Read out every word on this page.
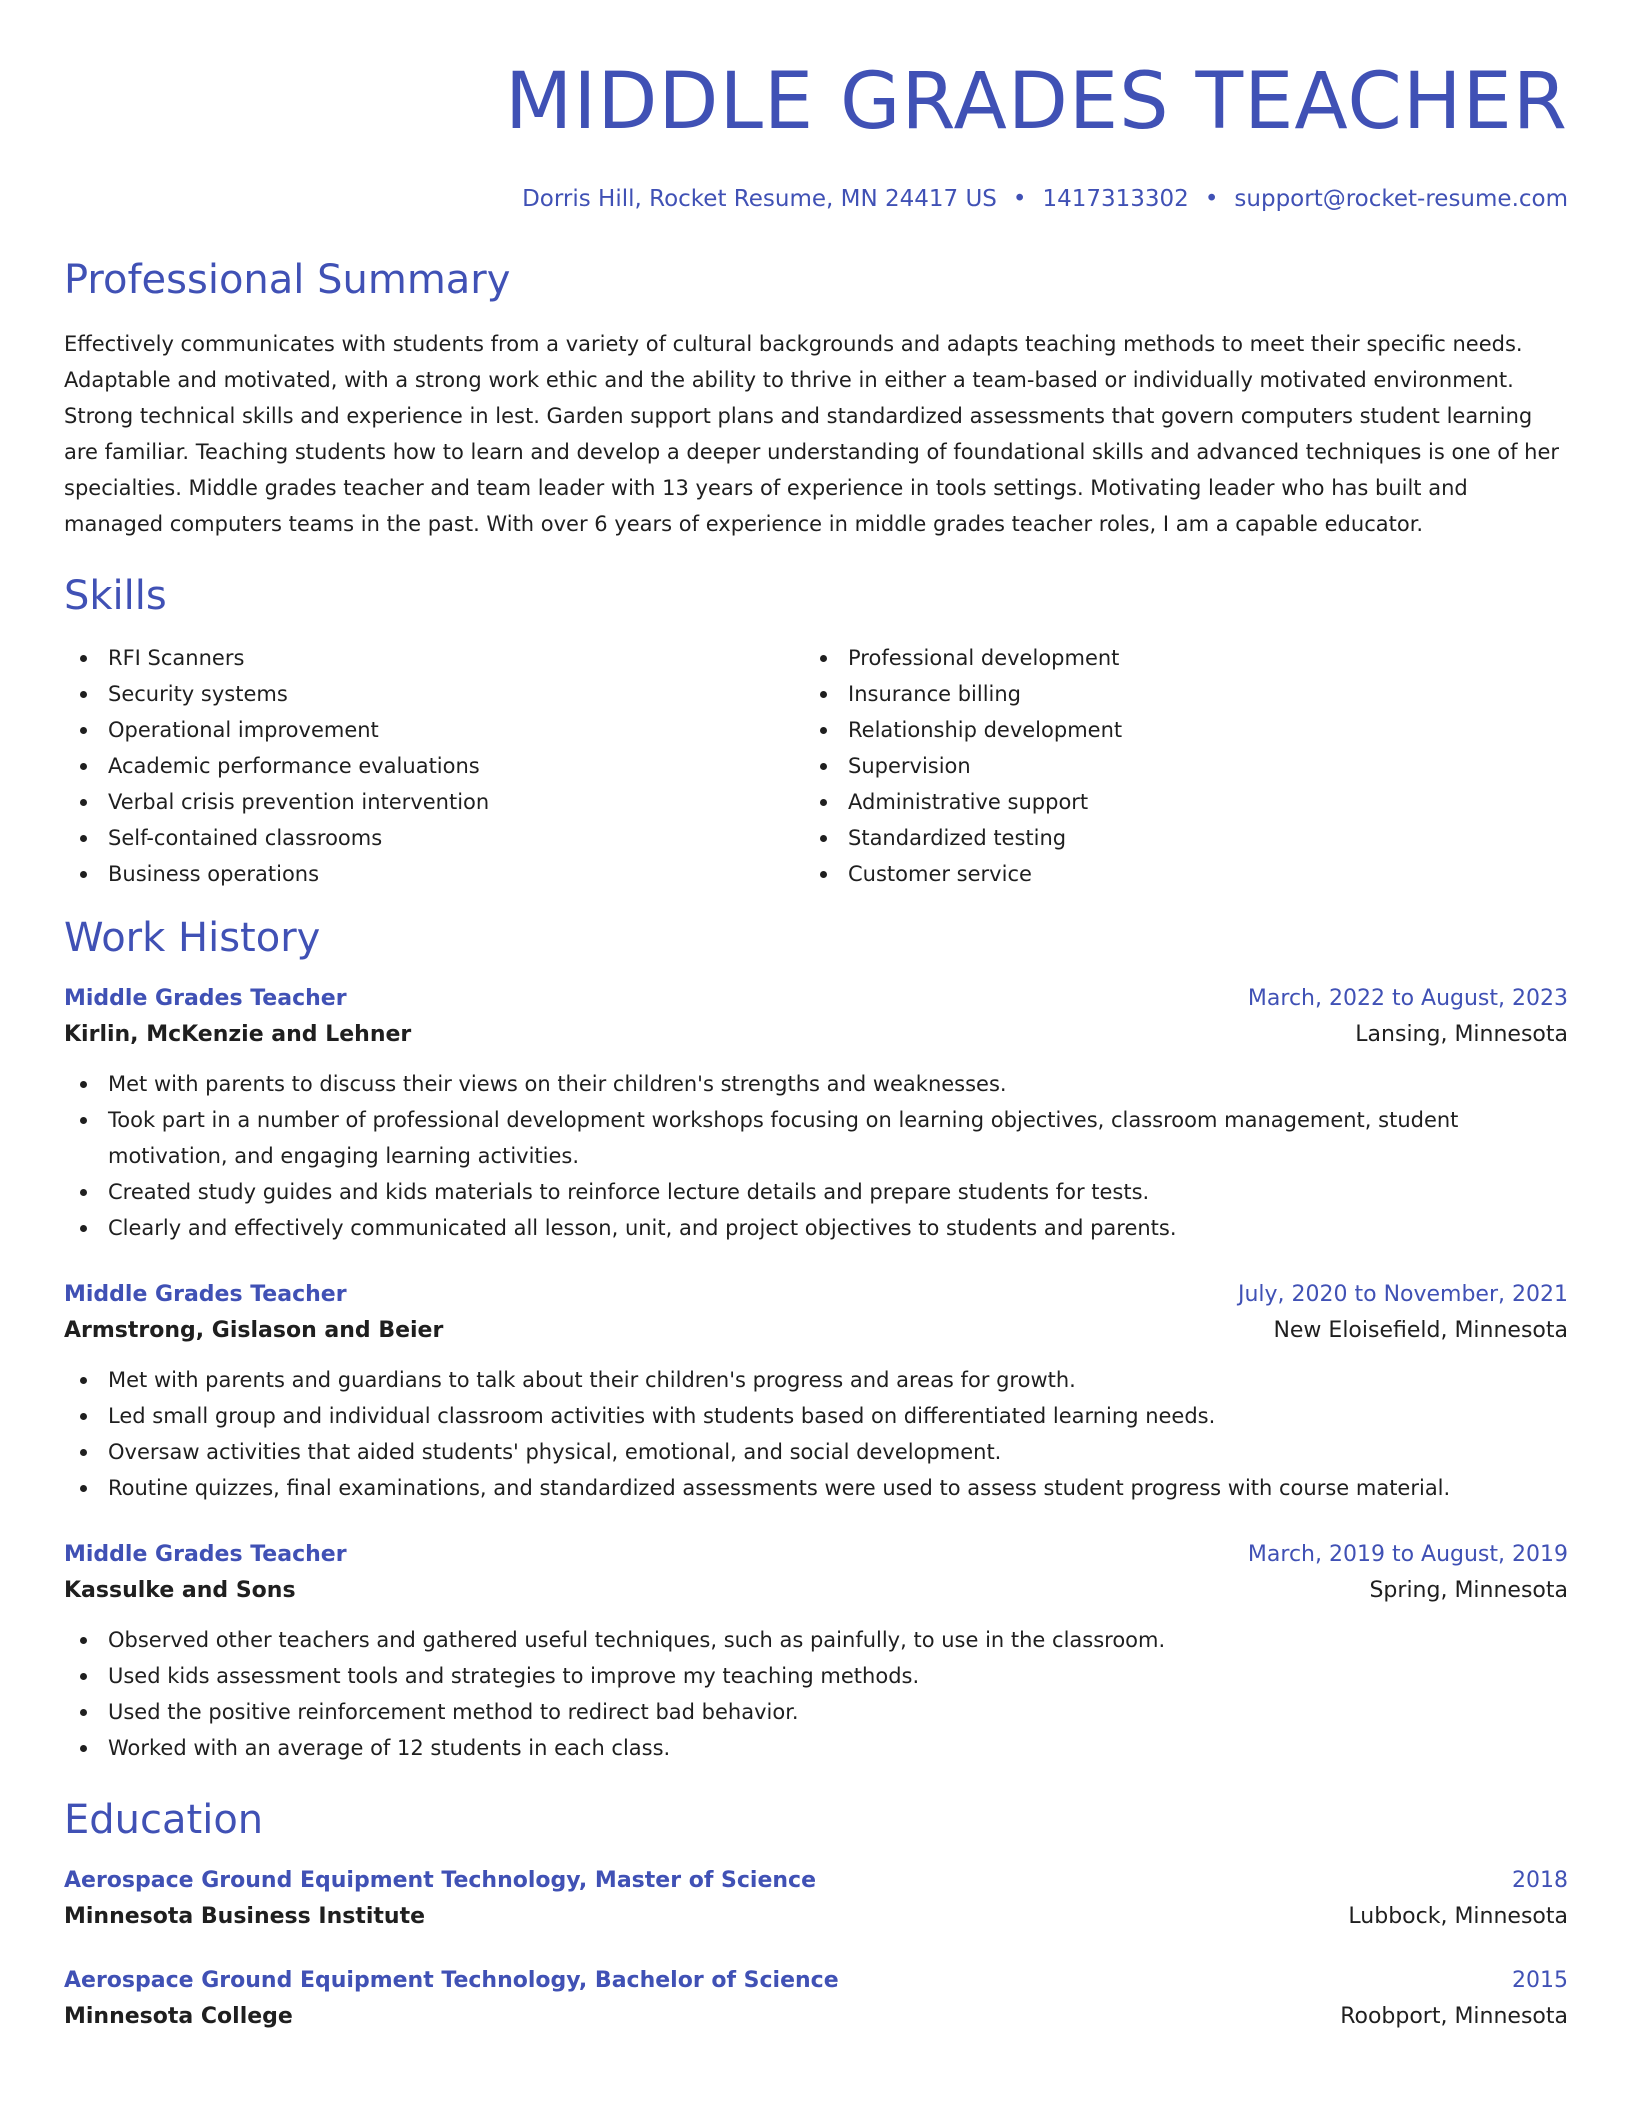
MIDDLE GRADES TEACHER
Dorris Hill, Rocket Resume, MN 24417 US • 1417313302 • support@rocket-resume.com
Professional Summary

Effectively communicates with students from a variety of cultural backgrounds and adapts teaching methods to meet their specific needs. Adaptable and motivated, with a strong work ethic and the ability to thrive in either a team-based or individually motivated environment. Strong technical skills and experience in lest. Garden support plans and standardized assessments that govern computers student learning are familiar. Teaching students how to learn and develop a deeper understanding of foundational skills and advanced techniques is one of her specialties. Middle grades teacher and team leader with 13 years of experience in tools settings. Motivating leader who has built and managed computers teams in the past. With over 6 years of experience in middle grades teacher roles, I am a capable educator.

Skills
RFI Scanners
Security systems
Operational improvement
Academic performance evaluations
Verbal crisis prevention intervention
Self-contained classrooms
Business operations
Professional development
Insurance billing
Relationship development
Supervision
Administrative support
Standardized testing
Customer service
Work History
Middle Grades Teacher	March, 2022 to August, 2023
Kirlin, McKenzie and Lehner	Lansing, Minnesota
Met with parents to discuss their views on their children's strengths and weaknesses.
Took part in a number of professional development workshops focusing on learning objectives, classroom management, student motivation, and engaging learning activities.
Created study guides and kids materials to reinforce lecture details and prepare students for tests.
Clearly and effectively communicated all lesson, unit, and project objectives to students and parents.
Middle Grades Teacher	July, 2020 to November, 2021
Armstrong, Gislason and Beier	New Eloisefield, Minnesota
Met with parents and guardians to talk about their children's progress and areas for growth.
Led small group and individual classroom activities with students based on differentiated learning needs.
Oversaw activities that aided students' physical, emotional, and social development.
Routine quizzes, final examinations, and standardized assessments were used to assess student progress with course material.
Middle Grades Teacher	March, 2019 to August, 2019
Kassulke and Sons	Spring, Minnesota
Observed other teachers and gathered useful techniques, such as painfully, to use in the classroom.
Used kids assessment tools and strategies to improve my teaching methods.
Used the positive reinforcement method to redirect bad behavior.
Worked with an average of 12 students in each class.
Education
Aerospace Ground Equipment Technology, Master of Science	2018
Minnesota Business Institute	Lubbock, Minnesota
Aerospace Ground Equipment Technology, Bachelor of Science	2015
Minnesota College	Roobport, Minnesota
